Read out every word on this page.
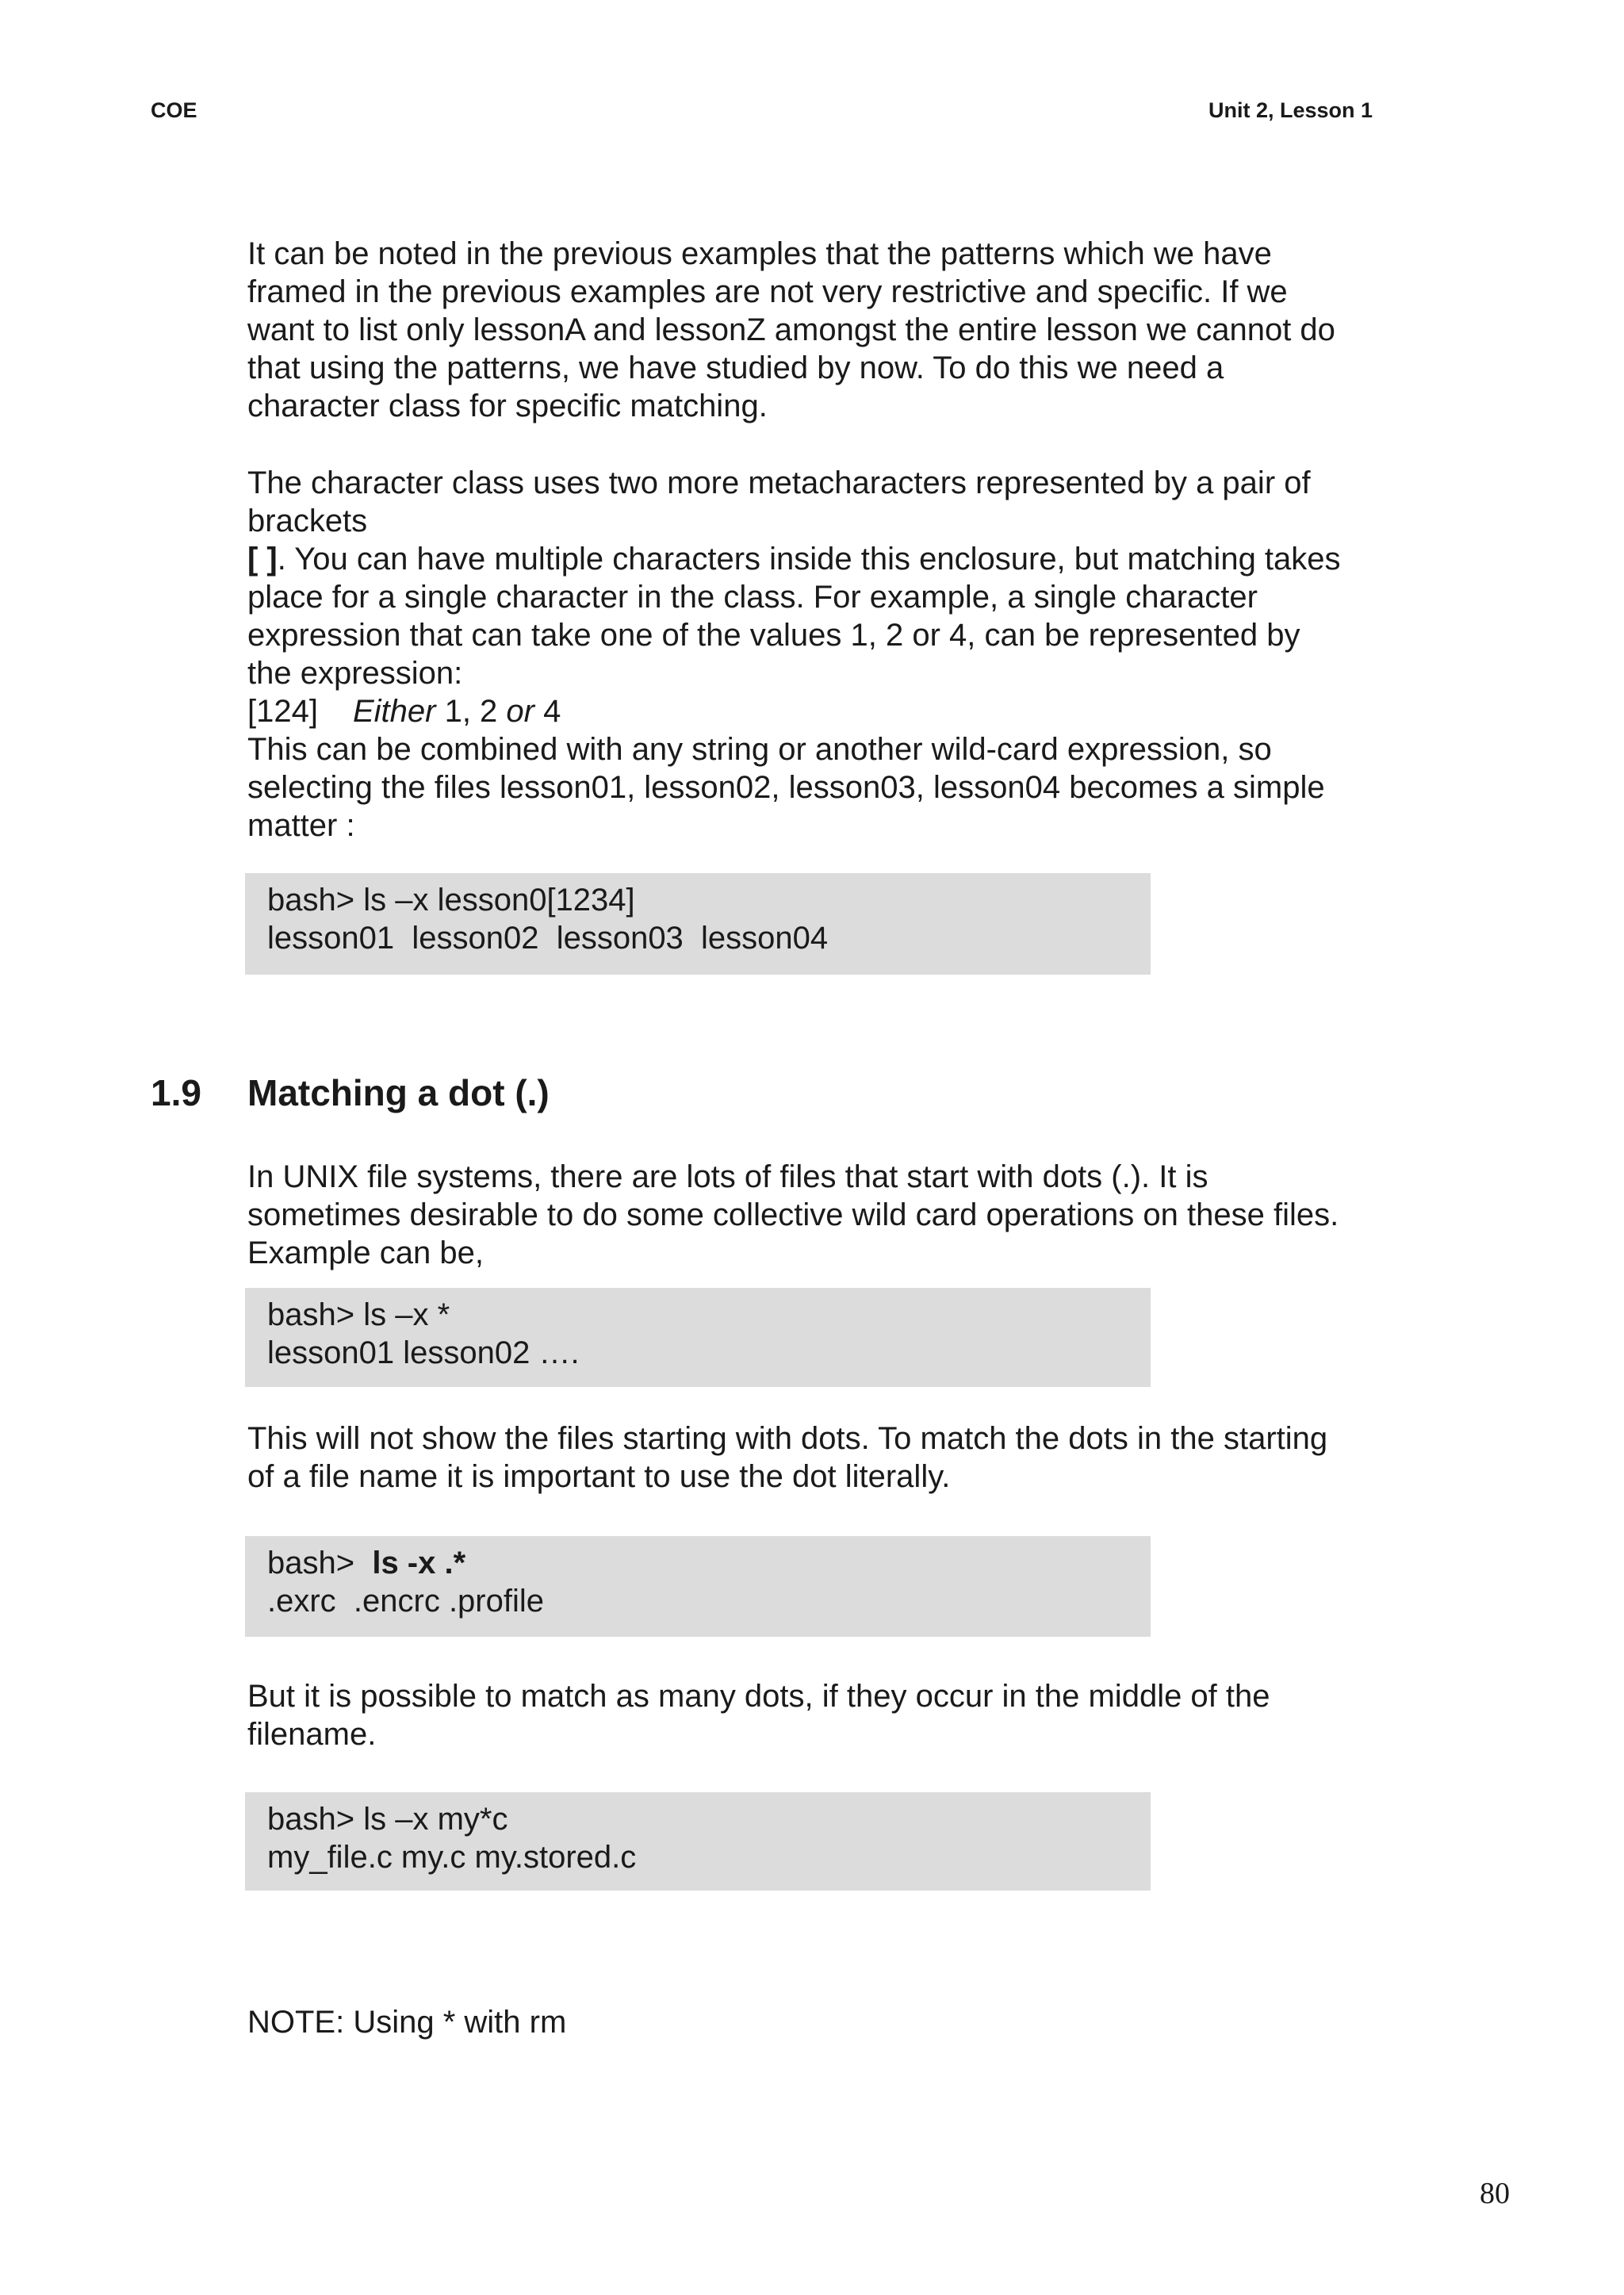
COE	Unit 2, Lesson 1

It can be noted in the previous examples that the patterns which we have

framed in the previous examples are not very restrictive and specific. If we

want to list only lessonA and lessonZ amongst the entire lesson we cannot do

that using the patterns, we have studied by now. To do this we need a

character class for specific matching.

The character class uses two more metacharacters represented by a pair of

brackets

[ ]. You can have multiple characters inside this enclosure, but matching takes

place for a single character in the class. For example, a single character

expression that can take one of the values 1, 2 or 4, can be represented by

the expression:

[124] Either 1, 2 or 4

This can be combined with any string or another wild-card expression, so

selecting the files lesson01, lesson02, lesson03, lesson04 becomes a simple

matter :

bash> ls –x lesson0[1234]
lesson01  lesson02  lesson03  lesson04
1.9 Matching a dot (.)

In UNIX file systems, there are lots of files that start with dots (.). It is

sometimes desirable to do some collective wild card operations on these files.

Example can be,

bash> ls –x *
lesson01 lesson02 ….

This will not show the files starting with dots. To match the dots in the starting

of a file name it is important to use the dot literally.

bash>  ls -x .*
.exrc  .encrc .profile

But it is possible to match as many dots, if they occur in the middle of the

filename.

bash> ls –x my*c
my_file.c my.c my.stored.c

NOTE: Using * with rm

80
